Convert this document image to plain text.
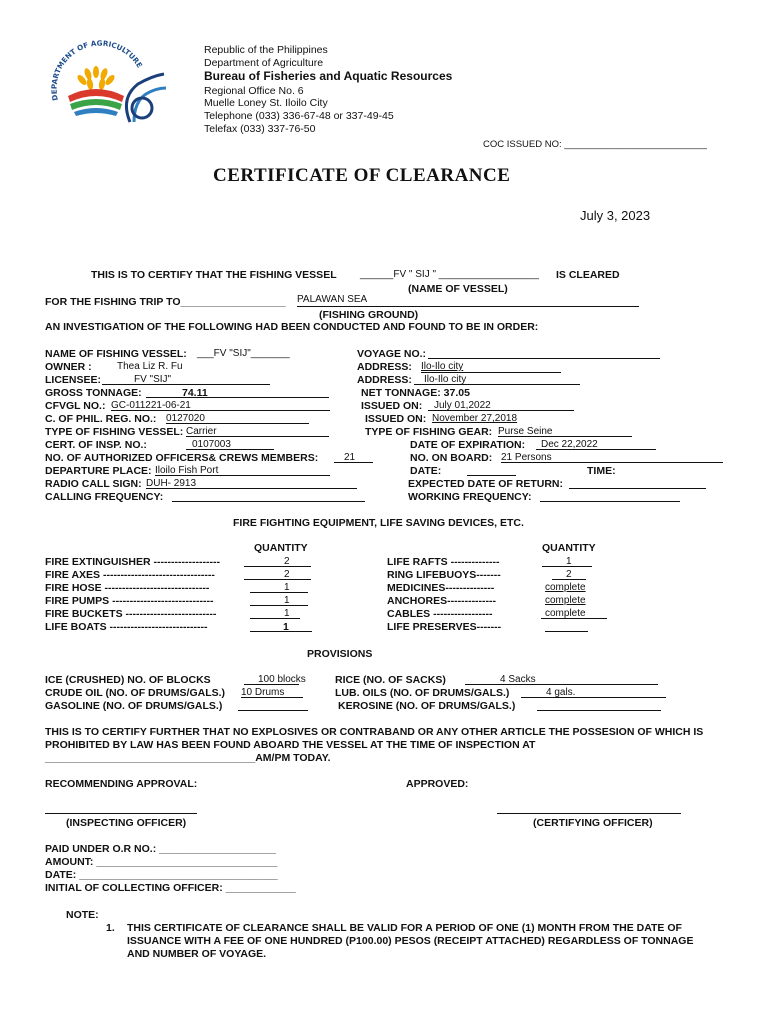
DEPARTMENT OF AGRICULTURE
Republic of the Philippines
Department of Agriculture
Bureau of Fisheries and Aquatic Resources
Regional Office No. 6
Muelle Loney St. Iloilo City
Telephone (033) 336-67-48 or 337-49-45
Telefax (033) 337-76-50
COC ISSUED NO: ___________________________
CERTIFICATE OF CLEARANCE
July 3, 2023
THIS IS TO CERTIFY THAT THE FISHING VESSEL ______FV " SIJ " __________________ IS CLEARED
(NAME OF VESSEL)
FOR THE FISHING TRIP TO__________________ PALAWAN SEA
(FISHING GROUND)
AN INVESTIGATION OF THE FOLLOWING HAD BEEN CONDUCTED AND FOUND TO BE IN ORDER:
NAME OF FISHING VESSEL: ___FV "SIJ"_______	VOYAGE NO.:
OWNER :	Thea Liz R. Fu	ADDRESS: Ilo-Ilo city
LICENSEE:	FV "SIJ"	ADDRESS: Ilo-Ilo city
GROSS TONNAGE:	74.11	NET TONNAGE: 37.05
CFVGL NO.: GC-011221-06-21	ISSUED ON: July 01,2022
C. OF PHIL. REG. NO.: 0127020	ISSUED ON: November 27,2018
TYPE OF FISHING VESSEL: Carrier	TYPE OF FISHING GEAR: Purse Seine
CERT. OF INSP. NO.:	0107003	DATE OF EXPIRATION: Dec 22,2022
NO. OF AUTHORIZED OFFICERS& CREWS MEMBERS:	21	NO. ON BOARD: 21 Persons
DEPARTURE PLACE: Iloilo Fish Port	DATE:	TIME:
RADIO CALL SIGN: DUH- 2913	EXPECTED DATE OF RETURN:
CALLING FREQUENCY:	WORKING FREQUENCY:
FIRE FIGHTING EQUIPMENT, LIFE SAVING DEVICES, ETC.
QUANTITY	QUANTITY
FIRE EXTINGUISHER -------------------	2
FIRE AXES --------------------------------	2
FIRE HOSE ------------------------------	1
FIRE PUMPS -----------------------------	1
FIRE BUCKETS --------------------------	1
LIFE BOATS ----------------------------	1
LIFE RAFTS --------------	1
RING LIFEBUOYS-------	2
MEDICINES--------------	complete
ANCHORES--------------	complete
CABLES -----------------	complete
LIFE PRESERVES-------
PROVISIONS
ICE (CRUSHED) NO. OF BLOCKS	100 blocks	RICE (NO. OF SACKS)	4 Sacks
CRUDE OIL (NO. OF DRUMS/GALS.) 10 Drums	LUB. OILS (NO. OF DRUMS/GALS.)	4 gals.
GASOLINE (NO. OF DRUMS/GALS.)	KEROSINE (NO. OF DRUMS/GALS.)
THIS IS TO CERTIFY FURTHER THAT NO EXPLOSIVES OR CONTRABAND OR ANY OTHER ARTICLE THE POSSESION OF WHICH IS
PROHIBITED BY LAW HAS BEEN FOUND ABOARD THE VESSEL AT THE TIME OF INSPECTION AT
____________________________________AM/PM TODAY.
RECOMMENDING APPROVAL:	APPROVED:
(INSPECTING OFFICER)	(CERTIFYING OFFICER)
PAID UNDER O.R NO.: ____________________
AMOUNT: _______________________________
DATE: __________________________________
INITIAL OF COLLECTING OFFICER: ____________
NOTE:
1. THIS CERTIFICATE OF CLEARANCE SHALL BE VALID FOR A PERIOD OF ONE (1) MONTH FROM THE DATE OF
ISSUANCE WITH A FEE OF ONE HUNDRED (P100.00) PESOS (RECEIPT ATTACHED) REGARDLESS OF TONNAGE
AND NUMBER OF VOYAGE.
